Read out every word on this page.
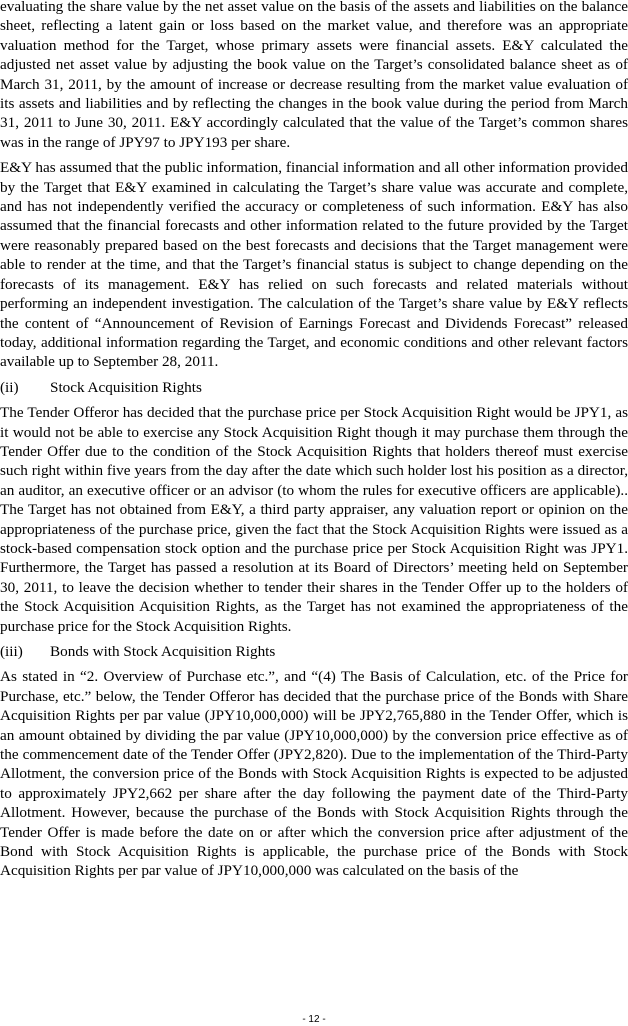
evaluating the share value by the net asset value on the basis of the assets and liabilities on the balance sheet, reflecting a latent gain or loss based on the market value, and therefore was an appropriate valuation method for the Target, whose primary assets were financial assets. E&Y calculated the adjusted net asset value by adjusting the book value on the Target’s consolidated balance sheet as of March 31, 2011, by the amount of increase or decrease resulting from the market value evaluation of its assets and liabilities and by reflecting the changes in the book value during the period from March 31, 2011 to June 30, 2011. E&Y accordingly calculated that the value of the Target’s common shares was in the range of JPY97 to JPY193 per share.

E&Y has assumed that the public information, financial information and all other information provided by the Target that E&Y examined in calculating the Target’s share value was accurate and complete, and has not independently verified the accuracy or completeness of such information. E&Y has also assumed that the financial forecasts and other information related to the future provided by the Target were reasonably prepared based on the best forecasts and decisions that the Target management were able to render at the time, and that the Target’s financial status is subject to change depending on the forecasts of its management. E&Y has relied on such forecasts and related materials without performing an independent investigation. The calculation of the Target’s share value by E&Y reflects the content of “Announcement of Revision of Earnings Forecast and Dividends Forecast” released today, additional information regarding the Target, and economic conditions and other relevant factors available up to September 28, 2011.

(ii)	Stock Acquisition Rights

The Tender Offeror has decided that the purchase price per Stock Acquisition Right would be JPY1, as it would not be able to exercise any Stock Acquisition Right though it may purchase them through the Tender Offer due to the condition of the Stock Acquisition Rights that holders thereof must exercise such right within five years from the day after the date which such holder lost his position as a director, an auditor, an executive officer or an advisor (to whom the rules for executive officers are applicable).. The Target has not obtained from E&Y, a third party appraiser, any valuation report or opinion on the appropriateness of the purchase price, given the fact that the Stock Acquisition Rights were issued as a stock-based compensation stock option and the purchase price per Stock Acquisition Right was JPY1. Furthermore, the Target has passed a resolution at its Board of Directors’ meeting held on September 30, 2011, to leave the decision whether to tender their shares in the Tender Offer up to the holders of the Stock Acquisition Acquisition Rights, as the Target has not examined the appropriateness of the purchase price for the Stock Acquisition Rights.

(iii)	Bonds with Stock Acquisition Rights

As stated in “2. Overview of Purchase etc.”, and “(4) The Basis of Calculation, etc. of the Price for Purchase, etc.” below, the Tender Offeror has decided that the purchase price of the Bonds with Share Acquisition Rights per par value (JPY10,000,000) will be JPY2,765,880 in the Tender Offer, which is an amount obtained by dividing the par value (JPY10,000,000) by the conversion price effective as of the commencement date of the Tender Offer (JPY2,820). Due to the implementation of the Third-Party Allotment, the conversion price of the Bonds with Stock Acquisition Rights is expected to be adjusted to approximately JPY2,662 per share after the day following the payment date of the Third-Party Allotment. However, because the purchase of the Bonds with Stock Acquisition Rights through the Tender Offer is made before the date on or after which the conversion price after adjustment of the Bond with Stock Acquisition Rights is applicable, the purchase price of the Bonds with Stock Acquisition Rights per par value of JPY10,000,000 was calculated on the basis of the

- 12 -
